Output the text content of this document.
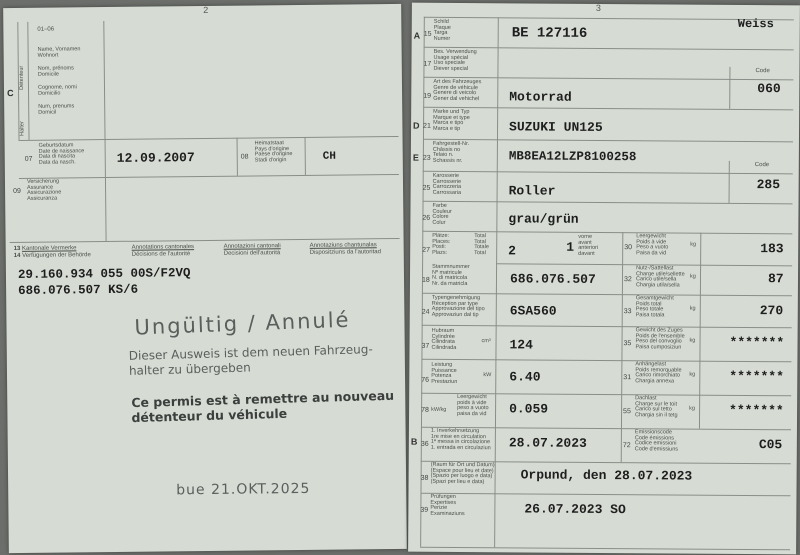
2
C
Détenteur
Halter
01–06
Name, Vornamen
Wohnort
Nom, prénoms
Domicile
Cognome, nomi
Domicilio
Num, prenums
Domicil
07
Geburtsdatum
Date de naissance
Data di nascita
Data da nasch.	12.09.2007	08
Heimatstaat
Pays d'origine
Paese d'origine
Stadi d'origin	CH
09
Versicherung
Assurance
Assicurazione
Assicuranza
13 Kantonale Vermerke
14 Verfügungen der Behörde
Annotations cantonales
Décisions de l'autorité
Annotazioni cantonali
Decisioni dell'autorità
Annotaziuns chantunalas
Dispositziuns da l'autoritad
29.160.934 055 00S/F2VQ
686.076.507 KS/6
Ungültig / Annulé
Dieser Ausweis ist dem neuen Fahrzeug-
halter zu übergeben
Ce permis est à remettre au nouveau
détenteur du véhicule
bue 21.OKT.2025
3
A 15
Schild
Plaque
Targa
Numer	BE 127116
Weiss
17
Bes. Verwendung
Usage spécial
Uso speciale
Diever special
19
Art des Fahrzeuges
Genre de véhicule
Genere di veicolo
Gener dal vehichel Motorrad
Code
060
D 21
Marke und Typ
Marque et type
Marca e tipo
Marca e tip	SUZUKI UN125
E 23
Fahrgestell-Nr.
Châssis no
Telaio n.
Schassis nr.	MB8EA12LZP8100258
25
Karosserie
Carrosserie
Carrozzeria
Carrossaria	Roller
Code
285
26
Farbe
Couleur
Colore
Colur	grau/grün
27
Plätze:
Places:
Posti:
Plazs:
Total
Total
Totale
Total 2	1
vorne
avant
anteriori
davant
30
Leergewicht
Poids à vide
Peso a vuoto
Paisa da vid
kg	183
32
Nutz-/Sattellast
Charge utile/sellette
Carico utile/sella
Chargia utila/sella
kg	87
33
Gesamtgewicht
Poids total
Peso totale
Paisa totala
kg	270
35
Gewicht des Zuges
Poids de l'ensemble
Peso del convoglio
Paisa cumposiziun
kg	*******
31
Anhängelast
Poids remorquable
Carico rimorchiato
Chargia annexa
kg	*******
55
Dachlast
Charge sur le toit
Carico sul tetto
Chargia sin il tetg
kg	*******
18
Stammnummer
Nº matricule
N. di matricola
Nr. da matricla	686.076.507
24
Typengenehmigung
Réception par type
Approvazione del tipo
Approvaziun dal tip	6SA560
37
Hubraum
Cylindrée
Cilindrata
Cilindrada
cm³ 124
76
Leistung
Puissance
Potenza
Prestaziun
kW 6.40
78 kW/kg
Leergewicht
poids à vide
peso a vuoto
paisa da vid 0.059
B 36
1. Inverkehrsetzung
1re mise en circulation
1ª messa in circolazione
1. entrada en circulaziun 28.07.2023	72
Emissionscode
Code émissions
Codice emissioni
Code d'emissiuns	C05
38
(Raum für Ort und Datum)
(Espace pour lieu et date)
(Spazio per luogo e data)
(Spazi per lieu e data)	Orpund, den 28.07.2023
39
Prüfungen
Expertises
Perizie
Examinaziuns	26.07.2023 SO
